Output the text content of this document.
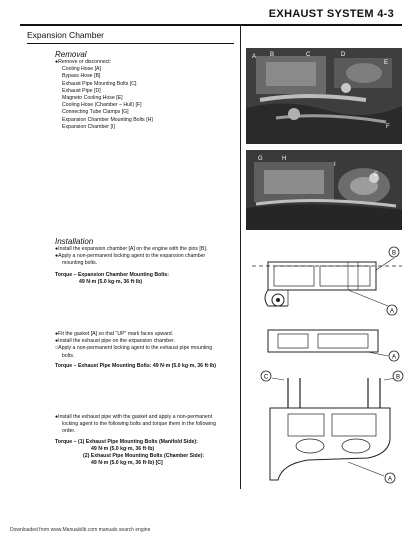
EXHAUST SYSTEM 4-3
Expansion Chamber
Removal
●Remove or disconnect:
Cooling Hose [A]
Bypass Hose [B]
Exhaust Pipe Mounting Bolts [C]
Exhaust Pipe [D]
Magneto Cooling Hose [E]
Cooling Hose (Chamber – Hull) [F]
Connecting Tube Clamps [G]
Expansion Chamber Mounting Bolts [H]
Expansion Chamber [I]
A B	C	D
E
F
G	H
I
E
Installation
●Install the expansion chamber [A] on the engine with the pins [B].
●Apply a non-permanent locking agent to the expansion chamber
mounting bolts.
Torque – Expansion Chamber Mounting Bolts:
49 N·m (5.0 kg·m, 36 ft·lb)
B
A
●Fit the gasket [A] so that "UP" mark faces upward.
●Install the exhaust pipe on the expansion chamber.
○Apply a non-permanent locking agent to the exhaust pipe mounting
bolts.
Torque – Exhaust Pipe Mounting Bolts: 49 N·m (5.0 kg·m, 36 ft·lb)
A
C	B
A
●Install the exhaust pipe with the gasket and apply a non-permanent
locking agent to the following bolts and torque them in the following
order.
Torque – (1) Exhaust Pipe Mounting Bolts (Manifold Side):
49 N·m (5.0 kg·m, 36 ft·lb)
(2) Exhaust Pipe Mounting Bolts (Chamber Side):
49 N·m (5.0 kg·m, 36 ft·lb) [C]
Downloaded from www.Manualslib.com manuals search engine
